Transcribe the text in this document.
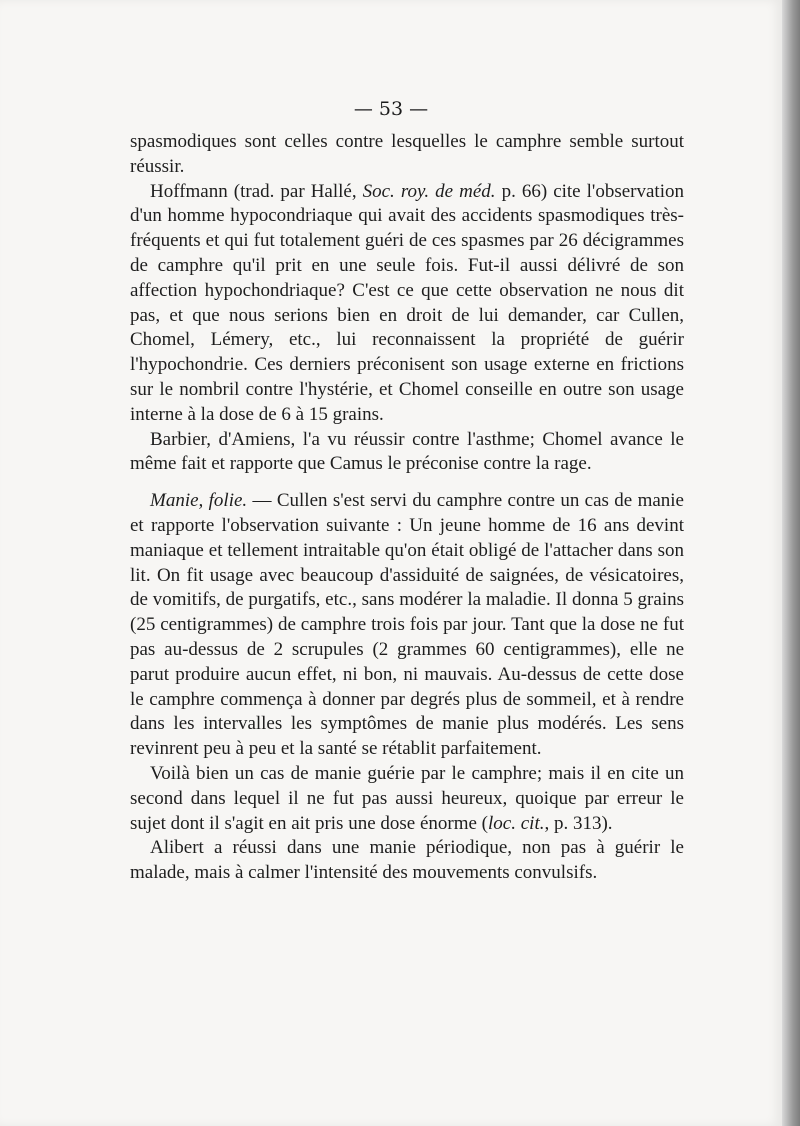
— 53 —

spasmodiques sont celles contre lesquelles le camphre semble surtout réussir.

Hoffmann (trad. par Hallé, Soc. roy. de méd. p. 66) cite l'observation d'un homme hypocondriaque qui avait des accidents spasmodiques très-fréquents et qui fut totalement guéri de ces spasmes par 26 décigrammes de camphre qu'il prit en une seule fois. Fut-il aussi délivré de son affection hypochondriaque? C'est ce que cette observation ne nous dit pas, et que nous serions bien en droit de lui demander, car Cullen, Chomel, Lémery, etc., lui reconnaissent la propriété de guérir l'hypochondrie. Ces derniers préconisent son usage externe en frictions sur le nombril contre l'hystérie, et Chomel conseille en outre son usage interne à la dose de 6 à 15 grains.

Barbier, d'Amiens, l'a vu réussir contre l'asthme; Chomel avance le même fait et rapporte que Camus le préconise contre la rage.

Manie, folie. — Cullen s'est servi du camphre contre un cas de manie et rapporte l'observation suivante : Un jeune homme de 16 ans devint maniaque et tellement intraitable qu'on était obligé de l'attacher dans son lit. On fit usage avec beaucoup d'assiduité de saignées, de vésicatoires, de vomitifs, de purgatifs, etc., sans modérer la maladie. Il donna 5 grains (25 centigrammes) de camphre trois fois par jour. Tant que la dose ne fut pas au-dessus de 2 scrupules (2 grammes 60 centigrammes), elle ne parut produire aucun effet, ni bon, ni mauvais. Au-dessus de cette dose le camphre commença à donner par degrés plus de sommeil, et à rendre dans les intervalles les symptômes de manie plus modérés. Les sens revinrent peu à peu et la santé se rétablit parfaitement.

Voilà bien un cas de manie guérie par le camphre; mais il en cite un second dans lequel il ne fut pas aussi heureux, quoique par erreur le sujet dont il s'agit en ait pris une dose énorme (loc. cit., p. 313).

Alibert a réussi dans une manie périodique, non pas à guérir le malade, mais à calmer l'intensité des mouvements convulsifs.
